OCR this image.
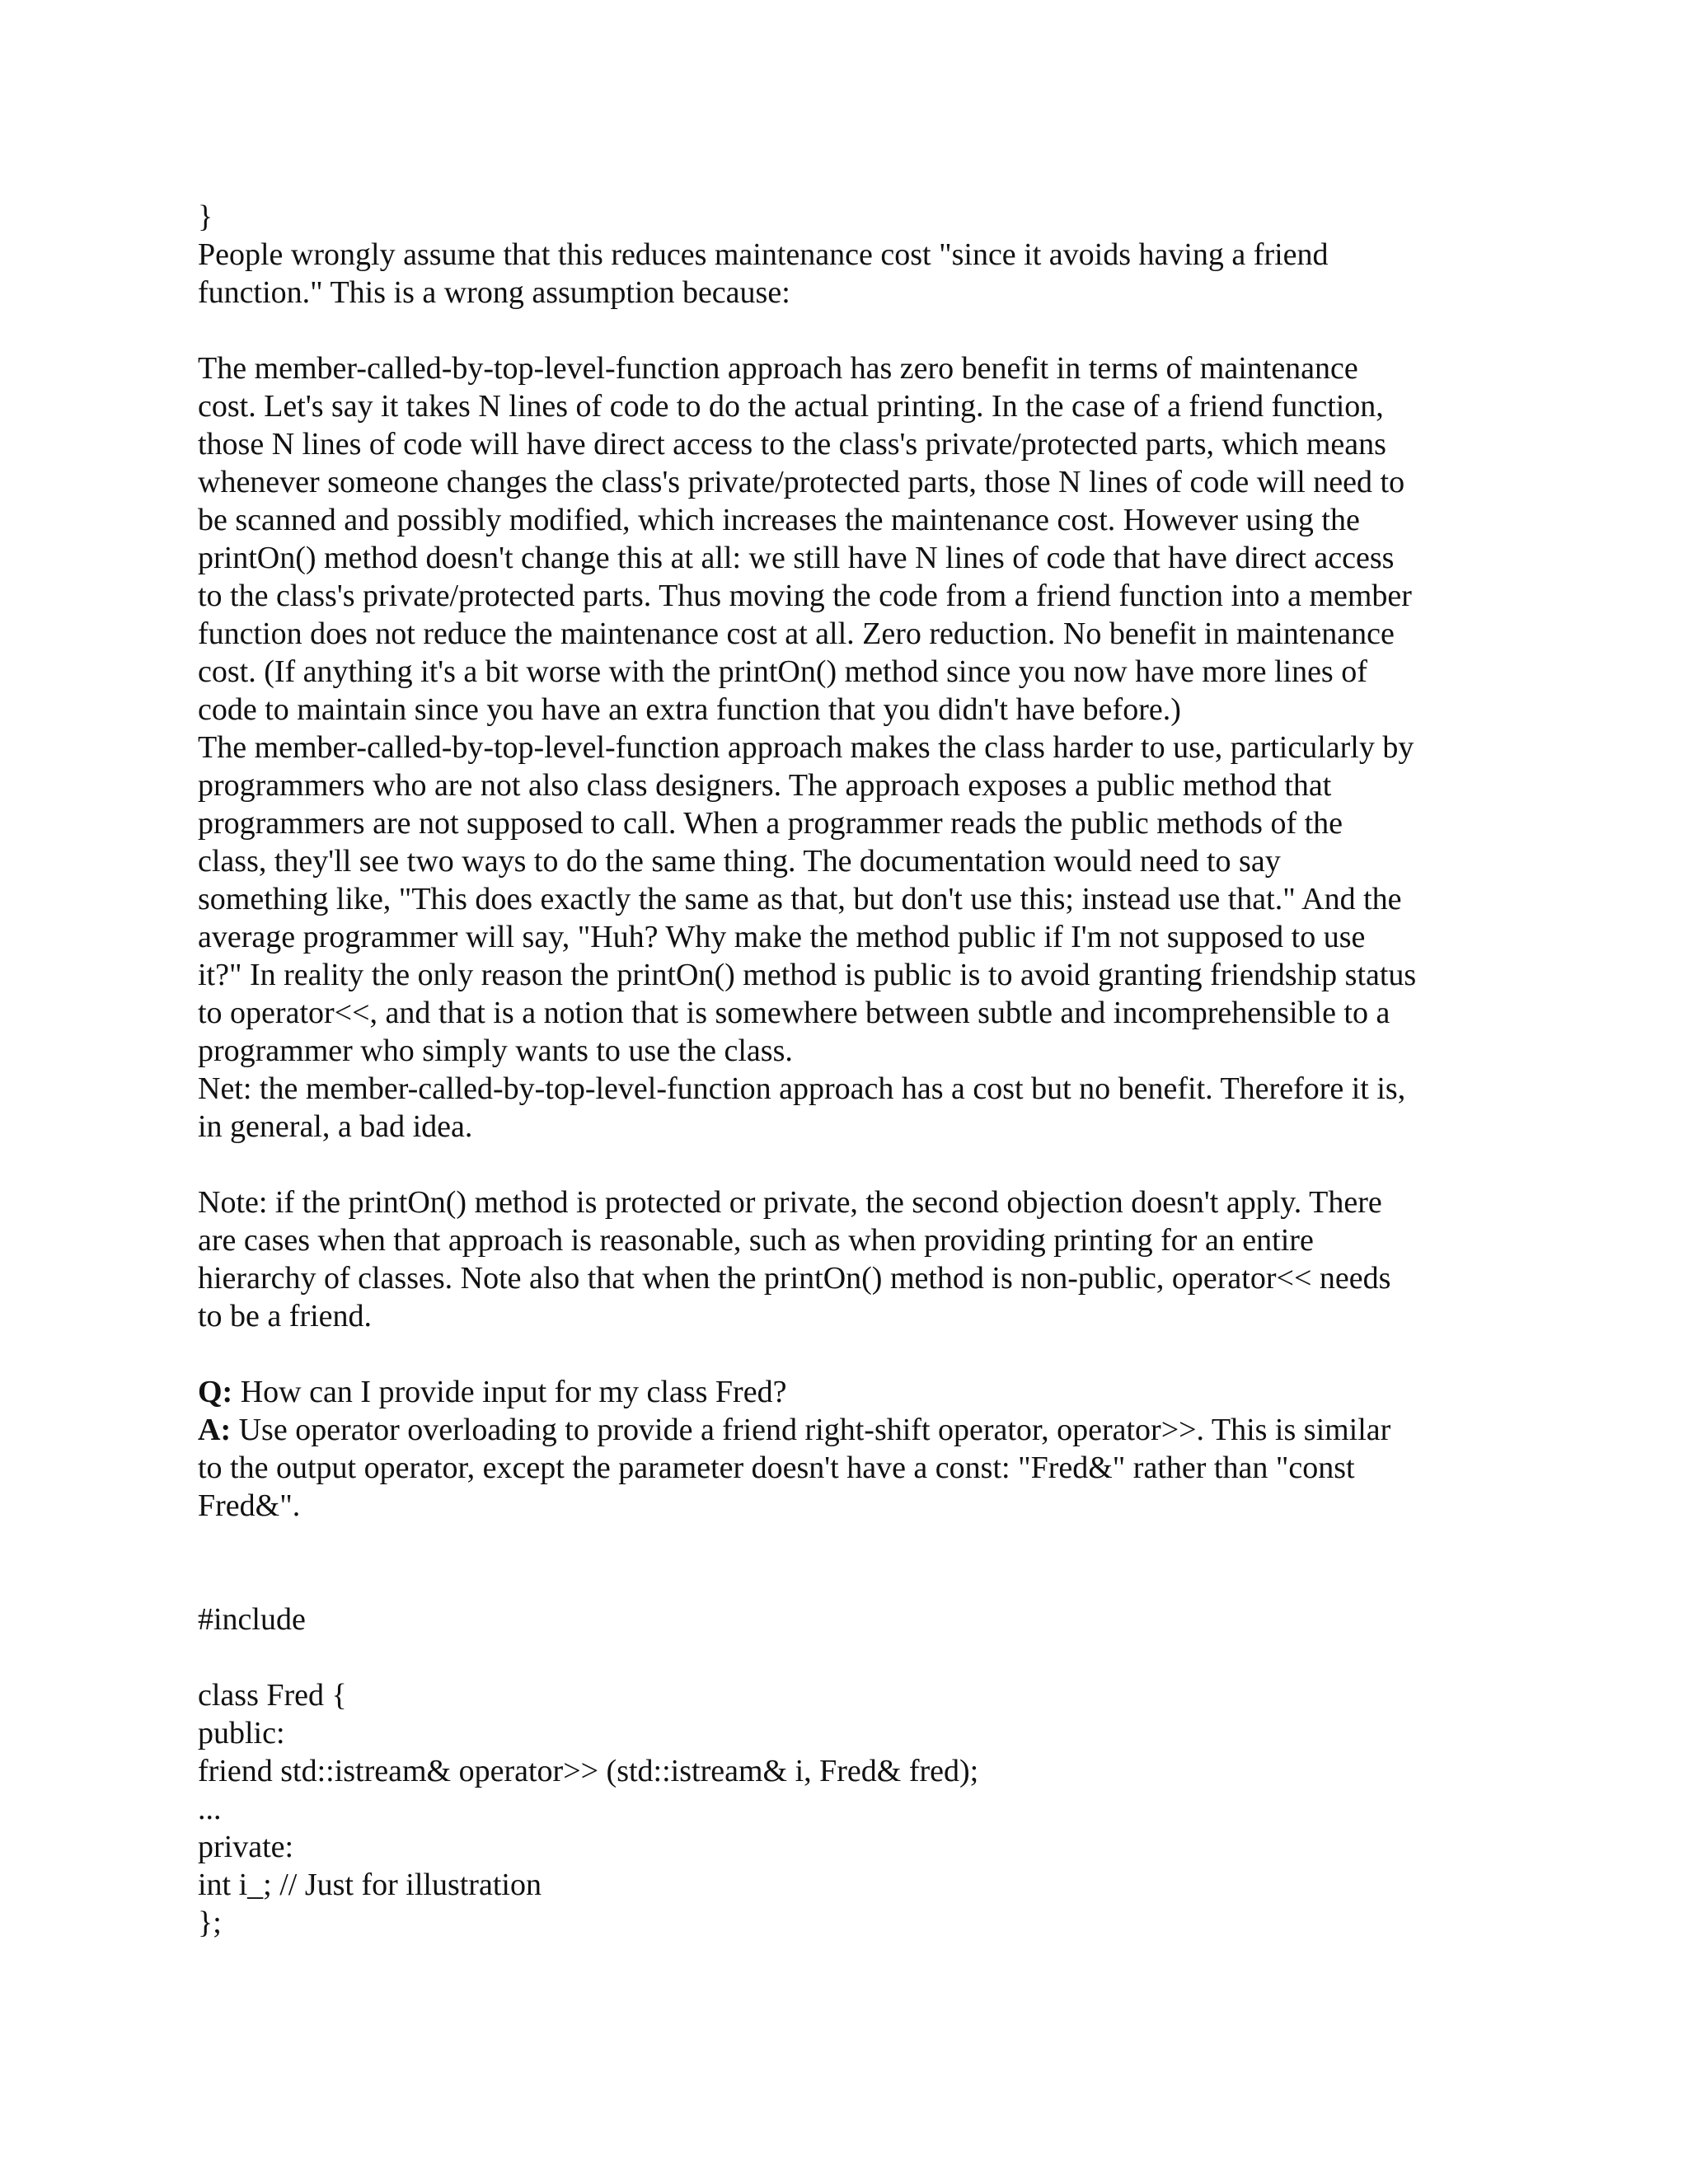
}
People wrongly assume that this reduces maintenance cost "since it avoids having a friend
function." This is a wrong assumption because:
The member-called-by-top-level-function approach has zero benefit in terms of maintenance
cost. Let's say it takes N lines of code to do the actual printing. In the case of a friend function,
those N lines of code will have direct access to the class's private/protected parts, which means
whenever someone changes the class's private/protected parts, those N lines of code will need to
be scanned and possibly modified, which increases the maintenance cost. However using the
printOn() method doesn't change this at all: we still have N lines of code that have direct access
to the class's private/protected parts. Thus moving the code from a friend function into a member
function does not reduce the maintenance cost at all. Zero reduction. No benefit in maintenance
cost. (If anything it's a bit worse with the printOn() method since you now have more lines of
code to maintain since you have an extra function that you didn't have before.)
The member-called-by-top-level-function approach makes the class harder to use, particularly by
programmers who are not also class designers. The approach exposes a public method that
programmers are not supposed to call. When a programmer reads the public methods of the
class, they'll see two ways to do the same thing. The documentation would need to say
something like, "This does exactly the same as that, but don't use this; instead use that." And the
average programmer will say, "Huh? Why make the method public if I'm not supposed to use
it?" In reality the only reason the printOn() method is public is to avoid granting friendship status
to operator<<, and that is a notion that is somewhere between subtle and incomprehensible to a
programmer who simply wants to use the class.
Net: the member-called-by-top-level-function approach has a cost but no benefit. Therefore it is,
in general, a bad idea.
Note: if the printOn() method is protected or private, the second objection doesn't apply. There
are cases when that approach is reasonable, such as when providing printing for an entire
hierarchy of classes. Note also that when the printOn() method is non-public, operator<< needs
to be a friend.
Q: How can I provide input for my class Fred?
A: Use operator overloading to provide a friend right-shift operator, operator>>. This is similar
to the output operator, except the parameter doesn't have a const: "Fred&" rather than "const
Fred&".
#include
class Fred {
public:
friend std::istream& operator>> (std::istream& i, Fred& fred);
...
private:
int i_; // Just for illustration
};
